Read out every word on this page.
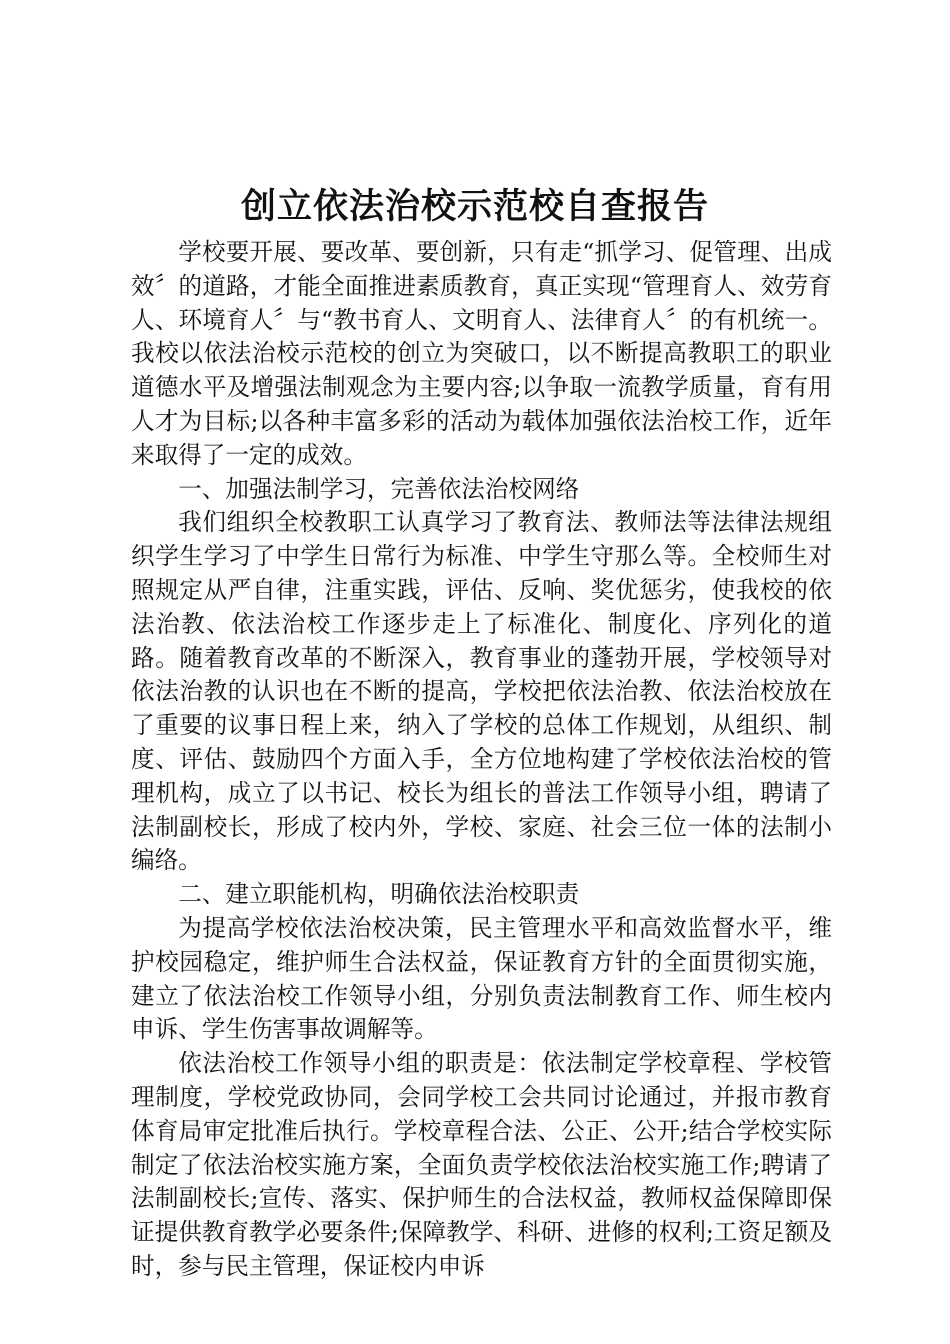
创立依法治校示范校自查报告

学校要开展、要改革、要创新，只有走“抓学习、促管理、出成效〞的道路，才能全面推进素质教育，真正实现“管理育人、效劳育人、环境育人〞与“教书育人、文明育人、法律育人〞的有机统一。我校以依法治校示范校的创立为突破口，以不断提高教职工的职业道德水平及增强法制观念为主要内容;以争取一流教学质量，育有用人才为目标;以各种丰富多彩的活动为载体加强依法治校工作，近年来取得了一定的成效。

一、加强法制学习，完善依法治校网络

我们组织全校教职工认真学习了教育法、教师法等法律法规组织学生学习了中学生日常行为标准、中学生守那么等。全校师生对照规定从严自律，注重实践，评估、反响、奖优惩劣，使我校的依法治教、依法治校工作逐步走上了标准化、制度化、序列化的道路。随着教育改革的不断深入，教育事业的蓬勃开展，学校领导对依法治教的认识也在不断的提高，学校把依法治教、依法治校放在了重要的议事日程上来，纳入了学校的总体工作规划，从组织、制度、评估、鼓励四个方面入手，全方位地构建了学校依法治校的管理机构，成立了以书记、校长为组长的普法工作领导小组，聘请了法制副校长，形成了校内外，学校、家庭、社会三位一体的法制小编络。

二、建立职能机构，明确依法治校职责

为提高学校依法治校决策，民主管理水平和高效监督水平，维护校园稳定，维护师生合法权益，保证教育方针的全面贯彻实施，建立了依法治校工作领导小组，分别负责法制教育工作、师生校内申诉、学生伤害事故调解等。

依法治校工作领导小组的职责是：依法制定学校章程、学校管理制度，学校党政协同，会同学校工会共同讨论通过，并报市教育体育局审定批准后执行。学校章程合法、公正、公开;结合学校实际制定了依法治校实施方案，全面负责学校依法治校实施工作;聘请了法制副校长;宣传、落实、保护师生的合法权益，教师权益保障即保证提供教育教学必要条件;保障教学、科研、进修的权利;工资足额及时，参与民主管理，保证校内申诉
